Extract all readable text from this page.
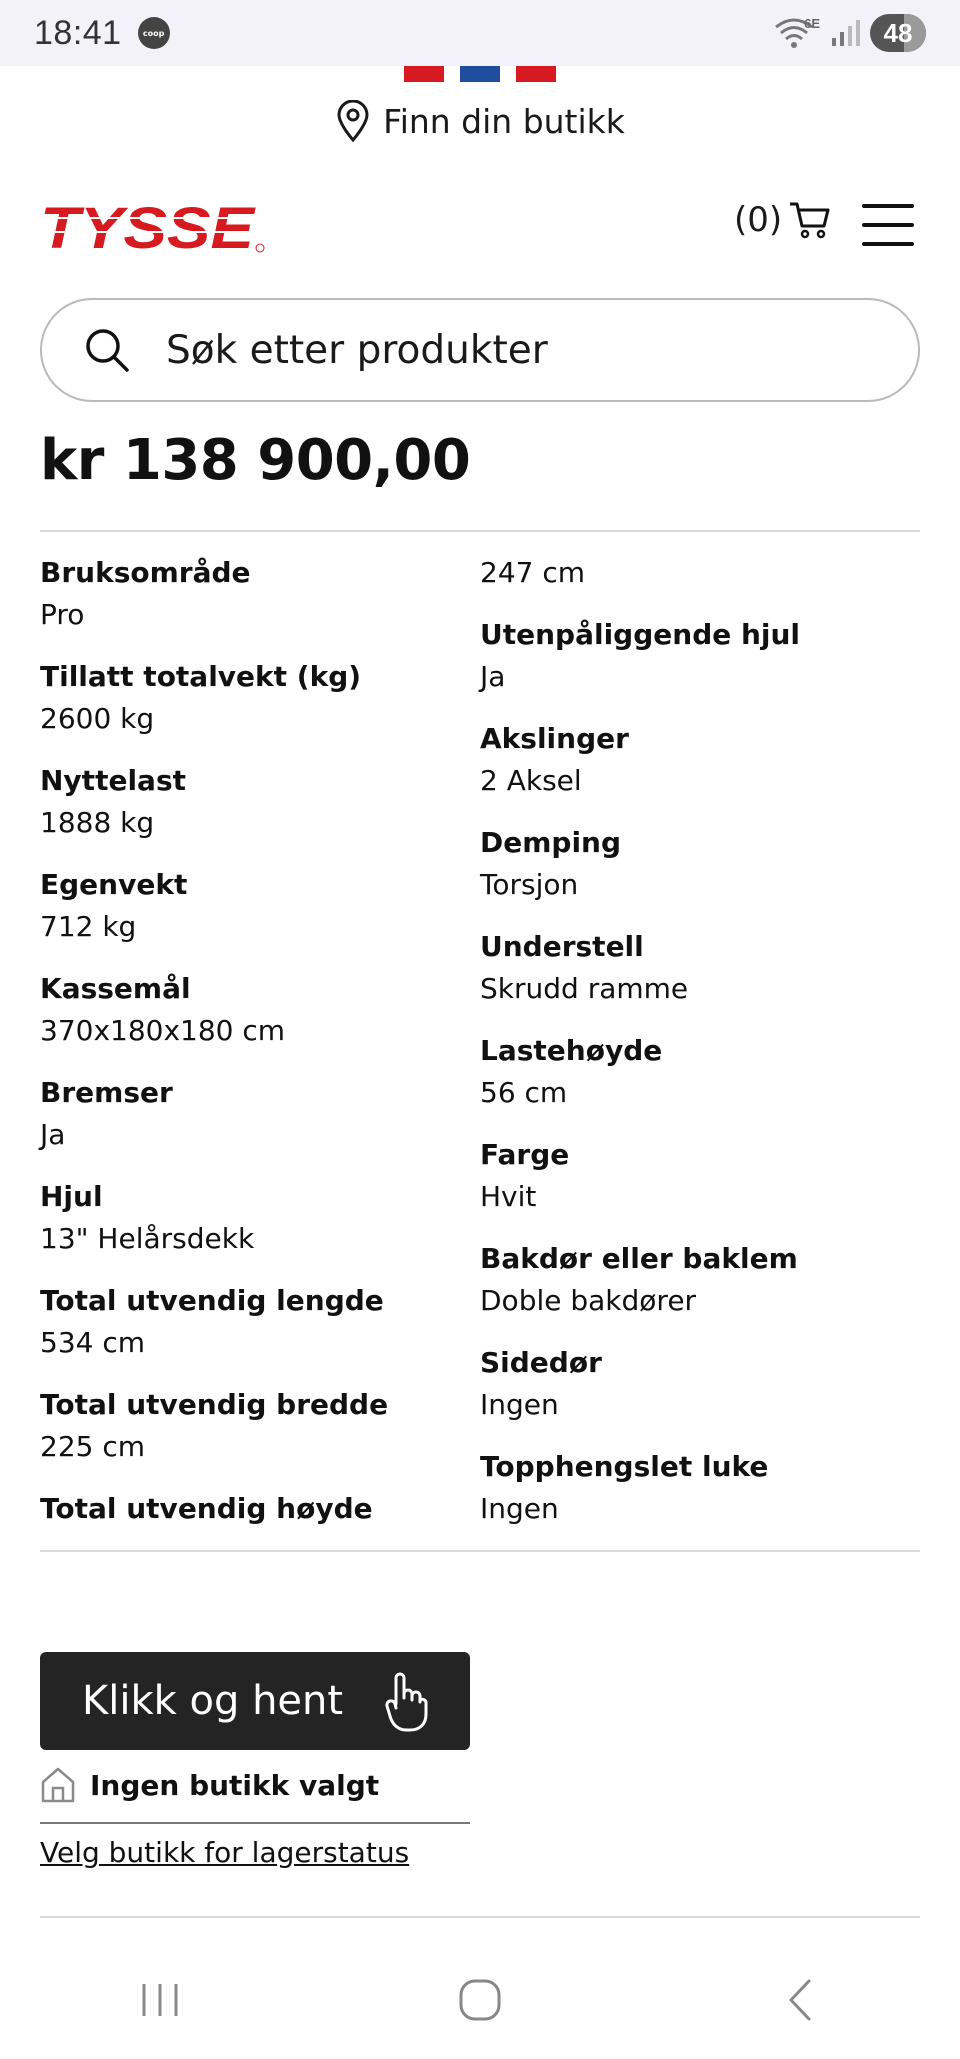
18:41	coop
6E 48
Finn din butikk
TYSSE	(0)
Søk etter produkter
kr 138 900,00
Bruksområde
Pro
Tillatt totalvekt (kg)
2600 kg
Nyttelast
1888 kg
Egenvekt
712 kg
Kassemål
370x180x180 cm
Bremser
Ja
Hjul
13" Helårsdekk
Total utvendig lengde
534 cm
Total utvendig bredde
225 cm
Total utvendig høyde
247 cm
Utenpåliggende hjul
Ja
Akslinger
2 Aksel
Demping
Torsjon
Understell
Skrudd ramme
Lastehøyde
56 cm
Farge
Hvit
Bakdør eller baklem
Doble bakdører
Sidedør
Ingen
Topphengslet luke
Ingen
Klikk og hent
Ingen butikk valgt
Velg butikk for lagerstatus
